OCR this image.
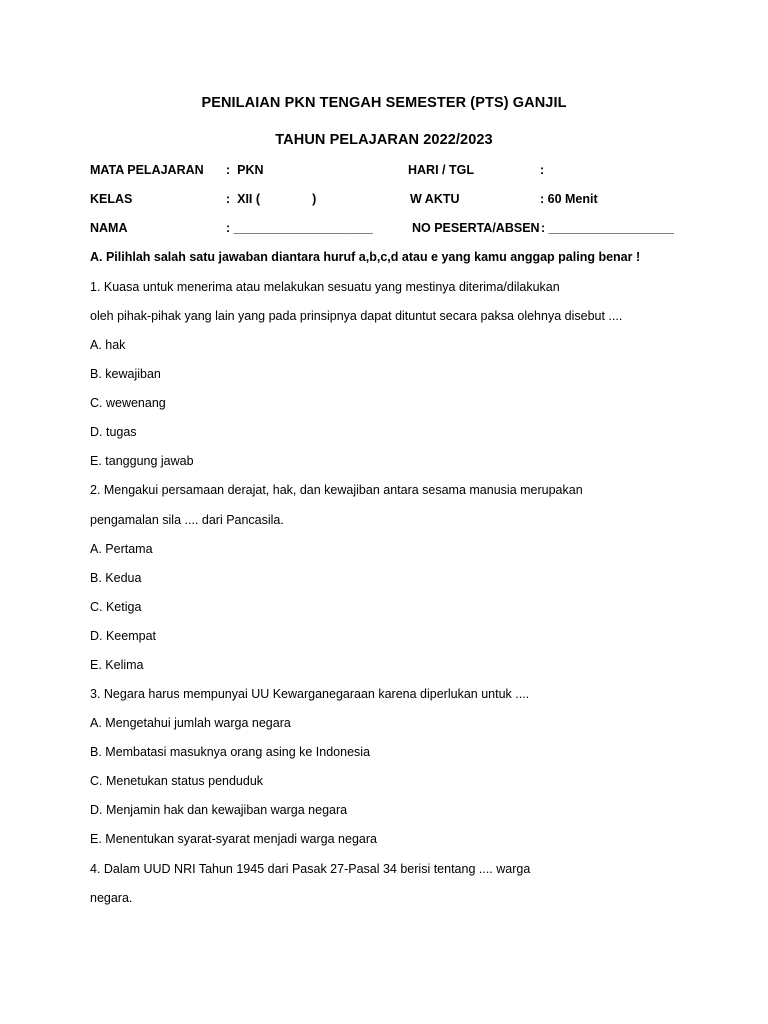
PENILAIAN PKN TENGAH SEMESTER (PTS) GANJIL
TAHUN PELAJARAN 2022/2023
MATA PELAJARAN :  PKN	HARI / TGL	:
KELAS	:  XII (               )	W AKTU	: 60 Menit
NAMA	: ____________________	NO PESERTA/ABSEN : __________________
A. Pilihlah salah satu jawaban diantara huruf a,b,c,d atau e yang kamu anggap paling benar !
1. Kuasa untuk menerima atau melakukan sesuatu yang mestinya diterima/dilakukan
oleh pihak-pihak yang lain yang pada prinsipnya dapat dituntut secara paksa olehnya disebut ....
A. hak
B. kewajiban
C. wewenang
D. tugas
E. tanggung jawab
2. Mengakui persamaan derajat, hak, dan kewajiban antara sesama manusia merupakan
pengamalan sila .... dari Pancasila.
A. Pertama
B. Kedua
C. Ketiga
D. Keempat
E. Kelima
3. Negara harus mempunyai UU Kewarganegaraan karena diperlukan untuk ....
A. Mengetahui jumlah warga negara
B. Membatasi masuknya orang asing ke Indonesia
C. Menetukan status penduduk
D. Menjamin hak dan kewajiban warga negara
E. Menentukan syarat-syarat menjadi warga negara
4. Dalam UUD NRI Tahun 1945 dari Pasak 27-Pasal 34 berisi tentang .... warga
negara.
